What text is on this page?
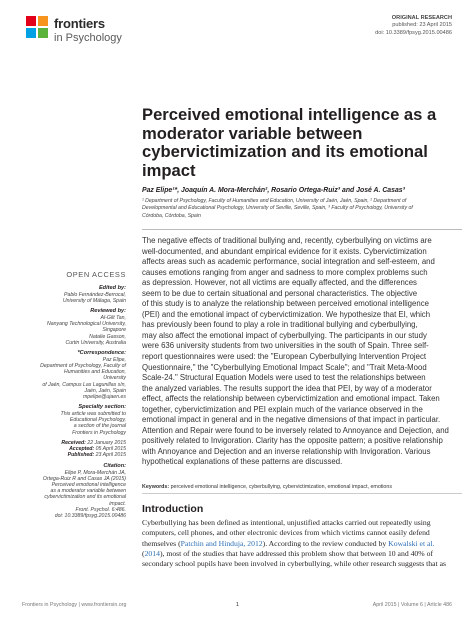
frontiers
in Psychology
ORIGINAL RESEARCH
published: 23 April 2015
doi: 10.3389/fpsyg.2015.00486
Perceived emotional intelligence as a moderator variable between cybervictimization and its emotional impact
Paz Elipe¹*, Joaquín A. Mora-Merchán², Rosario Ortega-Ruiz³ and José A. Casas³
¹ Department of Psychology, Faculty of Humanities and Education, University of Jaén, Jaén, Spain, ² Department of
Developmental and Educational Psychology, University of Seville, Seville, Spain, ³ Faculty of Psychology, University of
Córdoba, Córdoba, Spain
The negative effects of traditional bullying and, recently, cyberbullying on victims are
well-documented, and abundant empirical evidence for it exists. Cybervictimization
affects areas such as academic performance, social integration and self-esteem, and
causes emotions ranging from anger and sadness to more complex problems such
as depression. However, not all victims are equally affected, and the differences
seem to be due to certain situational and personal characteristics. The objective
of this study is to analyze the relationship between perceived emotional intelligence
(PEI) and the emotional impact of cybervictimization. We hypothesize that EI, which
has previously been found to play a role in traditional bullying and cyberbullying,
may also affect the emotional impact of cyberbullying. The participants in our study
were 636 university students from two universities in the south of Spain. Three self-
report questionnaires were used: the "European Cyberbullying Intervention Project
Questionnaire," the "Cyberbullying Emotional Impact Scale"; and "Trait Meta-Mood
Scale-24." Structural Equation Models were used to test the relationships between
the analyzed variables. The results support the idea that PEI, by way of a moderator
effect, affects the relationship between cybervictimization and emotional impact. Taken
together, cybervictimization and PEI explain much of the variance observed in the
emotional impact in general and in the negative dimensions of that impact in particular.
Attention and Repair were found to be inversely related to Annoyance and Dejection, and
positively related to Invigoration. Clarity has the opposite pattern; a positive relationship
with Annoyance and Dejection and an inverse relationship with Invigoration. Various
hypothetical explanations of these patterns are discussed.
Keywords: perceived emotional intelligence, cyberbullying, cybervictimization, emotional impact, emotions
Introduction
Cyberbullying has been defined as intentional, unjustified attacks carried out repeatedly using
computers, cell phones, and other electronic devices from which victims cannot easily defend
themselves (Patchin and Hinduja, 2012). According to the review conducted by Kowalski et al.
(2014), most of the studies that have addressed this problem show that between 10 and 40% of
secondary school pupils have been involved in cyberbullying, while other research suggests that as
OPEN ACCESS
Edited by:
Pablo Fernández-Berrocal,
University of Málaga, Spain
Reviewed by:
Al-Gilt Tan,
Nanyang Technological University,
Singapore
Natalie Gasson,
Curtin University, Australia
*Correspondence:
Paz Elipe,
Department of Psychology, Faculty of
Humanities and Education, University
of Jaén, Campus Las Lagunillas s/n,
Jaén, Jaén, Spain
mpelipe@ujaen.es
Specialty section:
This article was submitted to
Educational Psychology,
a section of the journal
Frontiers in Psychology
Received: 22 January 2015
Accepted: 05 April 2015
Published: 23 April 2015
Citation:
Elipe P, Mora-Merchán JA,
Ortega-Ruiz R and Casas JA (2015)
Perceived emotional intelligence
as a moderator variable between
cybervictimization and its emotional
impact.
Front. Psychol. 6:486.
doi: 10.3389/fpsyg.2015.00486
Frontiers in Psychology | www.frontiersin.org	1	April 2015 | Volume 6 | Article 486
